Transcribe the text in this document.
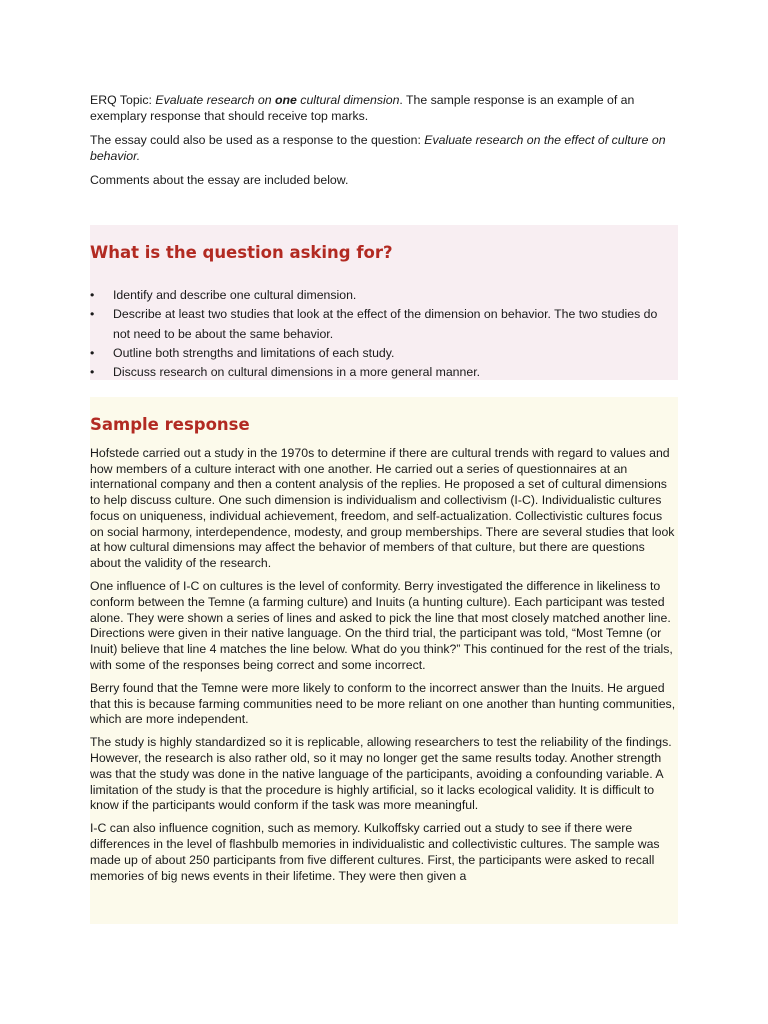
ERQ Topic: Evaluate research on one cultural dimension. The sample response is an example of an exemplary response that should receive top marks.

The essay could also be used as a response to the question: Evaluate research on the effect of culture on behavior.

Comments about the essay are included below.

What is the question asking for?
• Identify and describe one cultural dimension.
• Describe at least two studies that look at the effect of the dimension on behavior. The two studies do not need to be about the same behavior.
• Outline both strengths and limitations of each study.
• Discuss research on cultural dimensions in a more general manner.
Sample response

Hofstede carried out a study in the 1970s to determine if there are cultural trends with regard to values and how members of a culture interact with one another. He carried out a series of questionnaires at an international company and then a content analysis of the replies. He proposed a set of cultural dimensions to help discuss culture. One such dimension is individualism and collectivism (I-C). Individualistic cultures focus on uniqueness, individual achievement, freedom, and self-actualization. Collectivistic cultures focus on social harmony, interdependence, modesty, and group memberships. There are several studies that look at how cultural dimensions may affect the behavior of members of that culture, but there are questions about the validity of the research.

One influence of I-C on cultures is the level of conformity. Berry investigated the difference in likeliness to conform between the Temne (a farming culture) and Inuits (a hunting culture). Each participant was tested alone. They were shown a series of lines and asked to pick the line that most closely matched another line. Directions were given in their native language. On the third trial, the participant was told, “Most Temne (or Inuit) believe that line 4 matches the line below. What do you think?” This continued for the rest of the trials, with some of the responses being correct and some incorrect.

Berry found that the Temne were more likely to conform to the incorrect answer than the Inuits. He argued that this is because farming communities need to be more reliant on one another than hunting communities, which are more independent.

The study is highly standardized so it is replicable, allowing researchers to test the reliability of the findings. However, the research is also rather old, so it may no longer get the same results today. Another strength was that the study was done in the native language of the participants, avoiding a confounding variable. A limitation of the study is that the procedure is highly artificial, so it lacks ecological validity. It is difficult to know if the participants would conform if the task was more meaningful.

I-C can also influence cognition, such as memory. Kulkoffsky carried out a study to see if there were differences in the level of flashbulb memories in individualistic and collectivistic cultures. The sample was made up of about 250 participants from five different cultures. First, the participants were asked to recall memories of big news events in their lifetime. They were then given a
